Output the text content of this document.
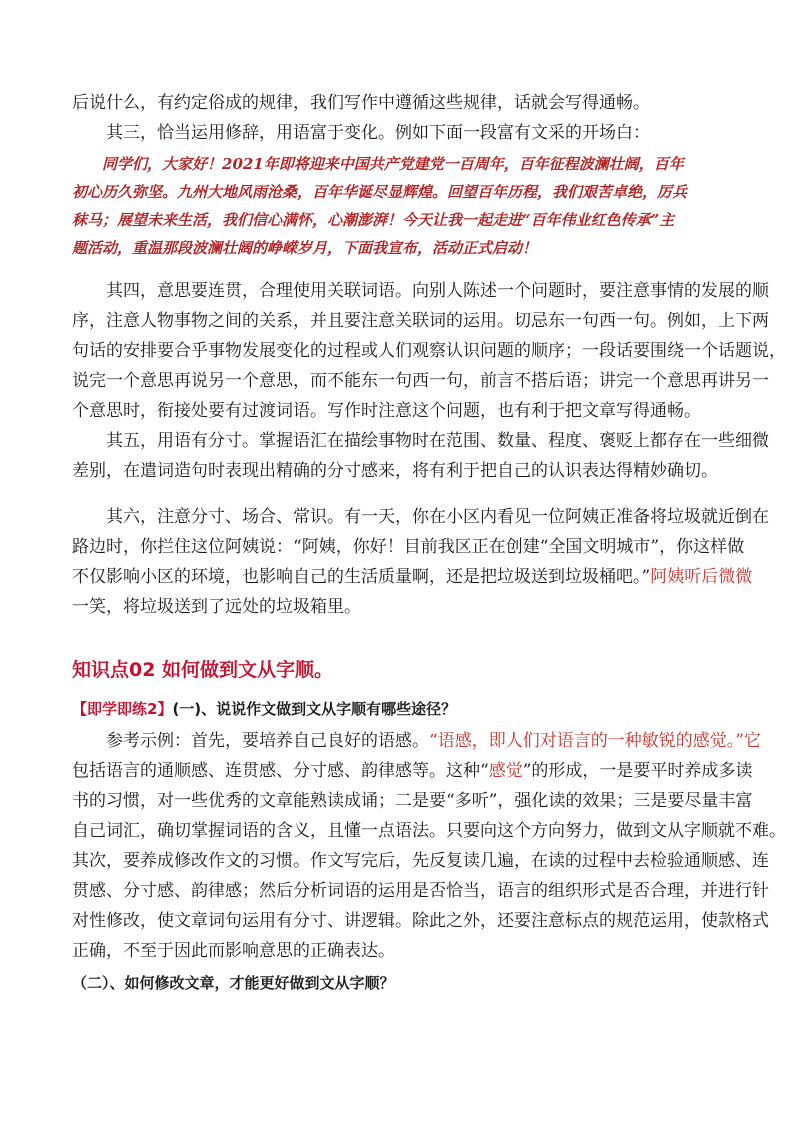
后说什么，有约定俗成的规律，我们写作中遵循这些规律，话就会写得通畅。
　　其三，恰当运用修辞，用语富于变化。例如下面一段富有文采的开场白：
　　同学们，大家好！2021年即将迎来中国共产党建党一百周年，百年征程波澜壮阔，百年
初心历久弥坚。九州大地风雨沧桑，百年华诞尽显辉煌。回望百年历程，我们艰苦卓绝，厉兵
秣马；展望未来生活，我们信心满怀，心潮澎湃！今天让我一起走进“百年伟业红色传承”主
题活动，重温那段波澜壮阔的峥嵘岁月，下面我宣布，活动正式启动！
　　其四，意思要连贯，合理使用关联词语。向别人陈述一个问题时，要注意事情的发展的顺
序，注意人物事物之间的关系，并且要注意关联词的运用。切忌东一句西一句。例如，上下两
句话的安排要合乎事物发展变化的过程或人们观察认识问题的顺序；一段话要围绕一个话题说，
说完一个意思再说另一个意思，而不能东一句西一句，前言不搭后语；讲完一个意思再讲另一
个意思时，衔接处要有过渡词语。写作时注意这个问题，也有利于把文章写得通畅。
　　其五，用语有分寸。掌握语汇在描绘事物时在范围、数量、程度、褒贬上都存在一些细微
差别，在遣词造句时表现出精确的分寸感来，将有利于把自己的认识表达得精妙确切。
　　其六，注意分寸、场合、常识。有一天，你在小区内看见一位阿姨正准备将垃圾就近倒在
路边时，你拦住这位阿姨说：“阿姨，你好！目前我区正在创建“全国文明城市”，你这样做
不仅影响小区的环境，也影响自己的生活质量啊，还是把垃圾送到垃圾桶吧。”阿姨听后微微
一笑，将垃圾送到了远处的垃圾箱里。
知识点02 如何做到文从字顺。
【即学即练2】(一)、说说作文做到文从字顺有哪些途径？
　　参考示例：首先，要培养自己良好的语感。“语感，即人们对语言的一种敏锐的感觉。”它
包括语言的通顺感、连贯感、分寸感、韵律感等。这种“感觉”的形成，一是要平时养成多读
书的习惯，对一些优秀的文章能熟读成诵；二是要“多听”，强化读的效果；三是要尽量丰富
自己词汇，确切掌握词语的含义，且懂一点语法。只要向这个方向努力，做到文从字顺就不难。
其次，要养成修改作文的习惯。作文写完后，先反复读几遍，在读的过程中去检验通顺感、连
贯感、分寸感、韵律感；然后分析词语的运用是否恰当，语言的组织形式是否合理，并进行针
对性修改，使文章词句运用有分寸、讲逻辑。除此之外，还要注意标点的规范运用，使款格式
正确，不至于因此而影响意思的正确表达。
（二）、如何修改文章，才能更好做到文从字顺？
